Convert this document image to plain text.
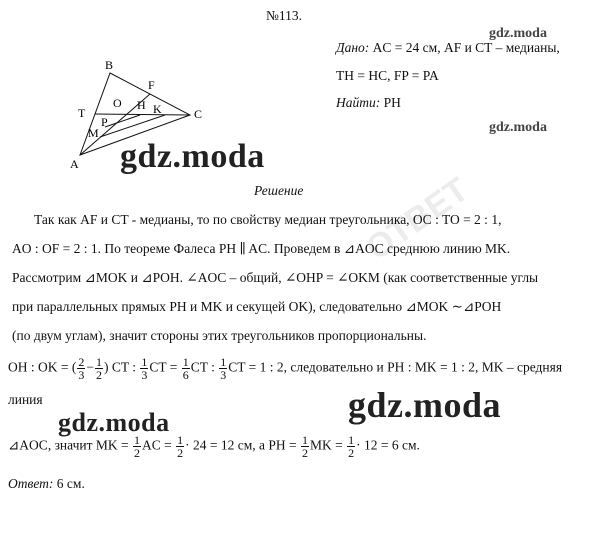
OTBET
№113.
gdz.moda
gdz.moda
Дано: AC = 24 см, AF и CT – медианы,
TH = HC, FP = PA
Найти: PH
B
T
F
O H
P
K
M
C
A gdz.moda
Решение
Так как AF и CT - медианы, то по свойству медиан треугольника, OC : TO = 2 : 1,
AO : OF = 2 : 1. По теореме Фалеса PH ∥ AC. Проведем в ⊿AOC среднюю линию MK.
Рассмотрим ⊿MOK и ⊿POH. ∠AOC – общий, ∠OHP = ∠OKM (как соответственные углы
при параллельных прямых PH и MK и секущей OK), следовательно ⊿MOK ∼⊿POH
(по двум углам), значит стороны этих треугольников пропорциональны.
OH : OK = ( $\frac{2}{3} - \frac{1}{2}$ ) CT : $\frac{1}{3}$ CT = $\frac{1}{6}$ CT : $\frac{1}{3}$ CT = 1 : 2, следовательно и PH : MK = 1 : 2, MK – средняя
линия	gdz.moda
gdz.moda
⊿AOC, значит MK = $\frac{1}{2}$ AC = $\frac{1}{2} \cdot 24 = 12$ см, а PH = $\frac{1}{2}$ MK = $\frac{1}{2} \cdot 12 = 6$ см.
Ответ: 6 см.
